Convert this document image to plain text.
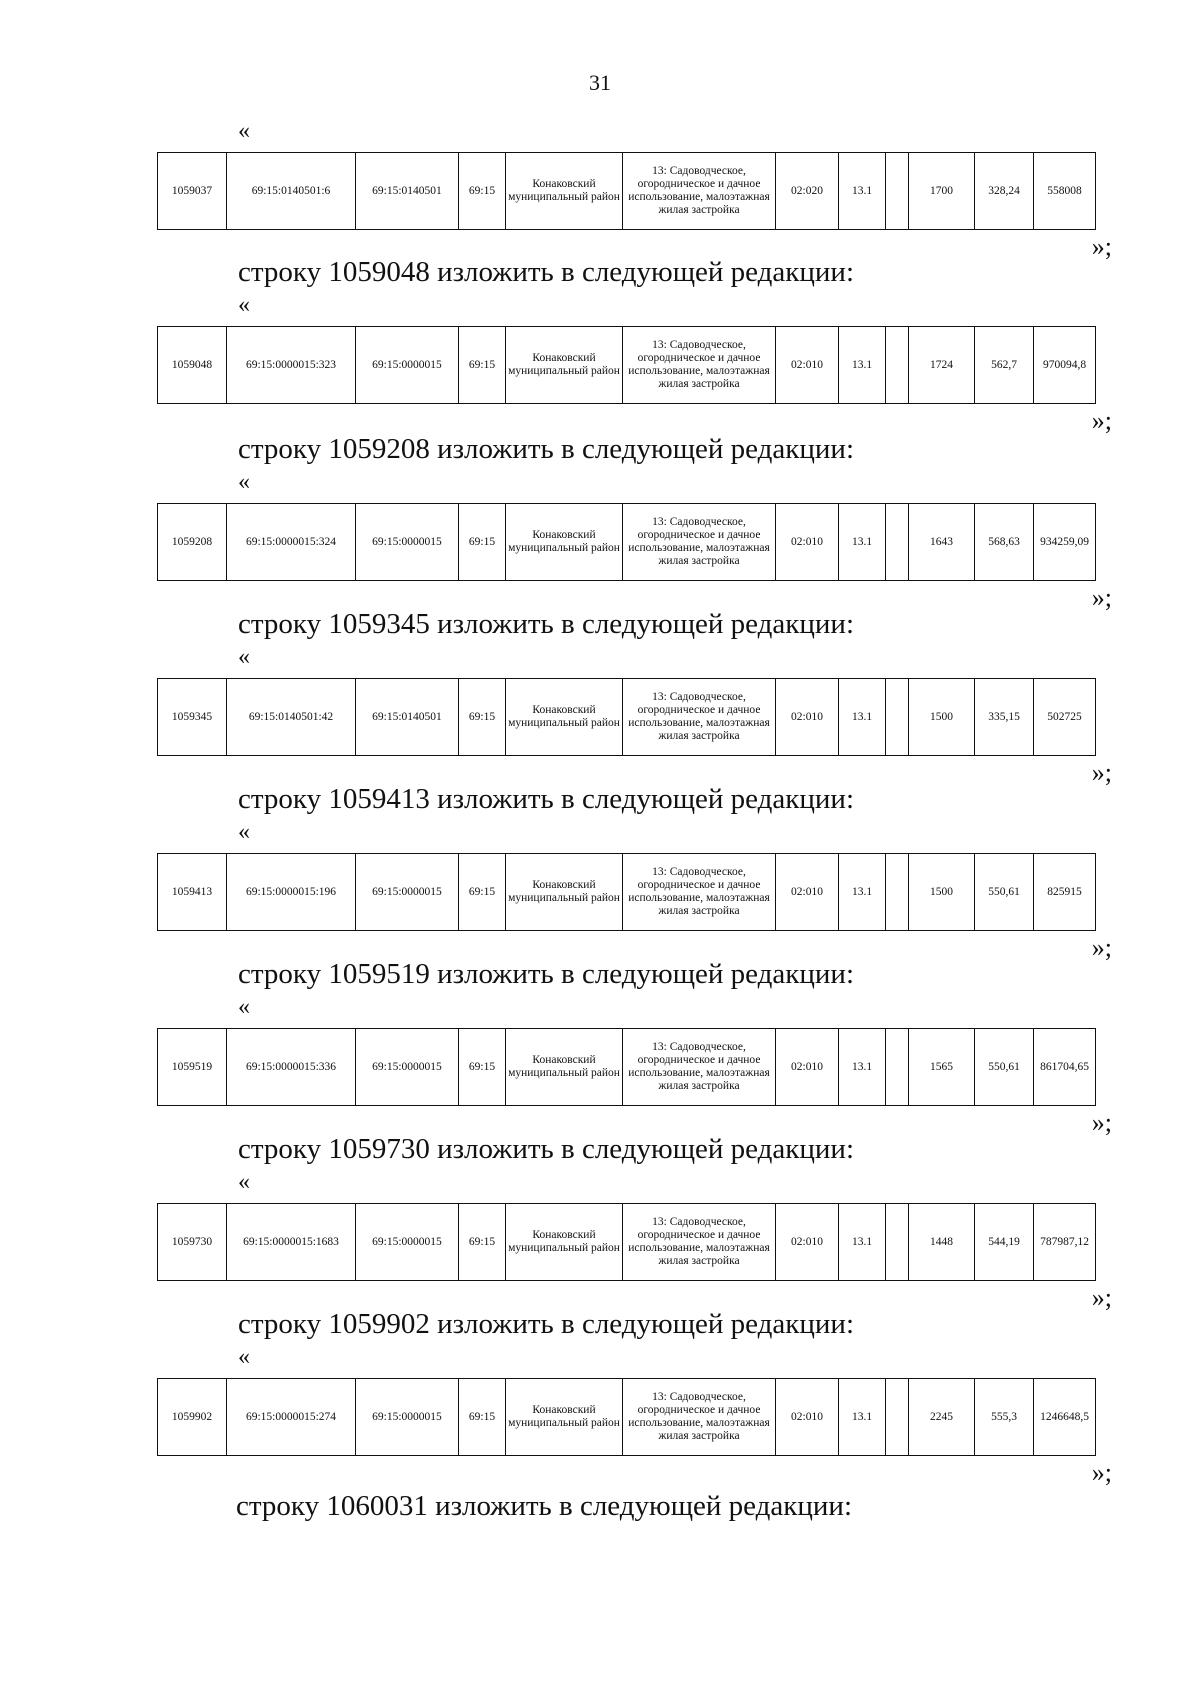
31
«
1059037	69:15:0140501:6	69:15:0140501	69:15	Конаковский муниципальный район	13: Садоводческое, огородническое и дачное использование, малоэтажная жилая застройка	02:020	13.1		1700	328,24	558008
»;
строку 1059048 изложить в следующей редакции:
«
1059048	69:15:0000015:323	69:15:0000015	69:15	Конаковский муниципальный район	13: Садоводческое, огородническое и дачное использование, малоэтажная жилая застройка	02:010	13.1		1724	562,7	970094,8
»;
строку 1059208 изложить в следующей редакции:
«
1059208	69:15:0000015:324	69:15:0000015	69:15	Конаковский муниципальный район	13: Садоводческое, огородническое и дачное использование, малоэтажная жилая застройка	02:010	13.1		1643	568,63	934259,09
»;
строку 1059345 изложить в следующей редакции:
«
1059345	69:15:0140501:42	69:15:0140501	69:15	Конаковский муниципальный район	13: Садоводческое, огородническое и дачное использование, малоэтажная жилая застройка	02:010	13.1		1500	335,15	502725
»;
строку 1059413 изложить в следующей редакции:
«
1059413	69:15:0000015:196	69:15:0000015	69:15	Конаковский муниципальный район	13: Садоводческое, огородническое и дачное использование, малоэтажная жилая застройка	02:010	13.1		1500	550,61	825915
»;
строку 1059519 изложить в следующей редакции:
«
1059519	69:15:0000015:336	69:15:0000015	69:15	Конаковский муниципальный район	13: Садоводческое, огородническое и дачное использование, малоэтажная жилая застройка	02:010	13.1		1565	550,61	861704,65
»;
строку 1059730 изложить в следующей редакции:
«
1059730	69:15:0000015:1683	69:15:0000015	69:15	Конаковский муниципальный район	13: Садоводческое, огородническое и дачное использование, малоэтажная жилая застройка	02:010	13.1		1448	544,19	787987,12
»;
строку 1059902 изложить в следующей редакции:
«
1059902	69:15:0000015:274	69:15:0000015	69:15	Конаковский муниципальный район	13: Садоводческое, огородническое и дачное использование, малоэтажная жилая застройка	02:010	13.1		2245	555,3	1246648,5
»;
строку 1060031 изложить в следующей редакции:
